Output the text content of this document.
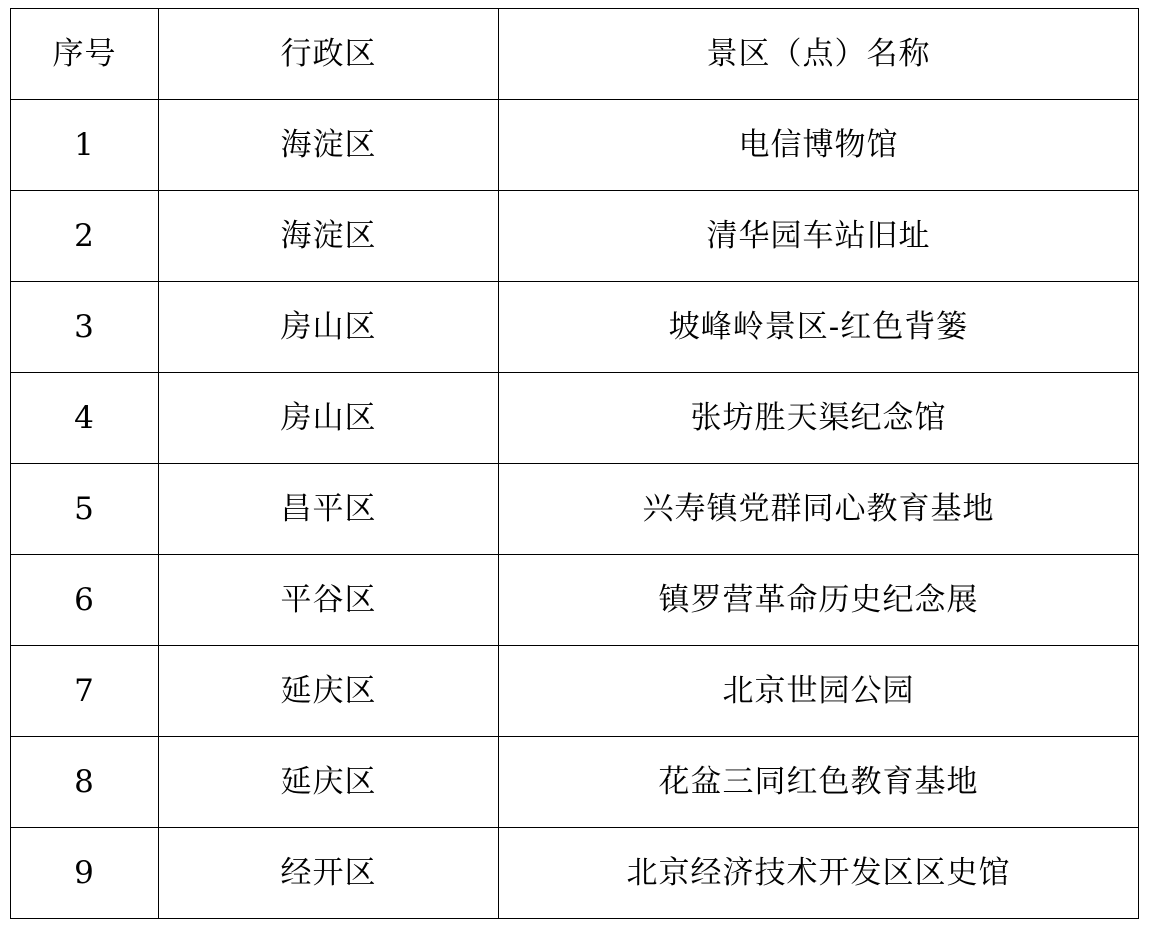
序号	行政区	景区（点）名称
1	海淀区	电信博物馆
2	海淀区	清华园车站旧址
3	房山区	坡峰岭景区-红色背篓
4	房山区	张坊胜天渠纪念馆
5	昌平区	兴寿镇党群同心教育基地
6	平谷区	镇罗营革命历史纪念展
7	延庆区	北京世园公园
8	延庆区	花盆三同红色教育基地
9	经开区	北京经济技术开发区区史馆
